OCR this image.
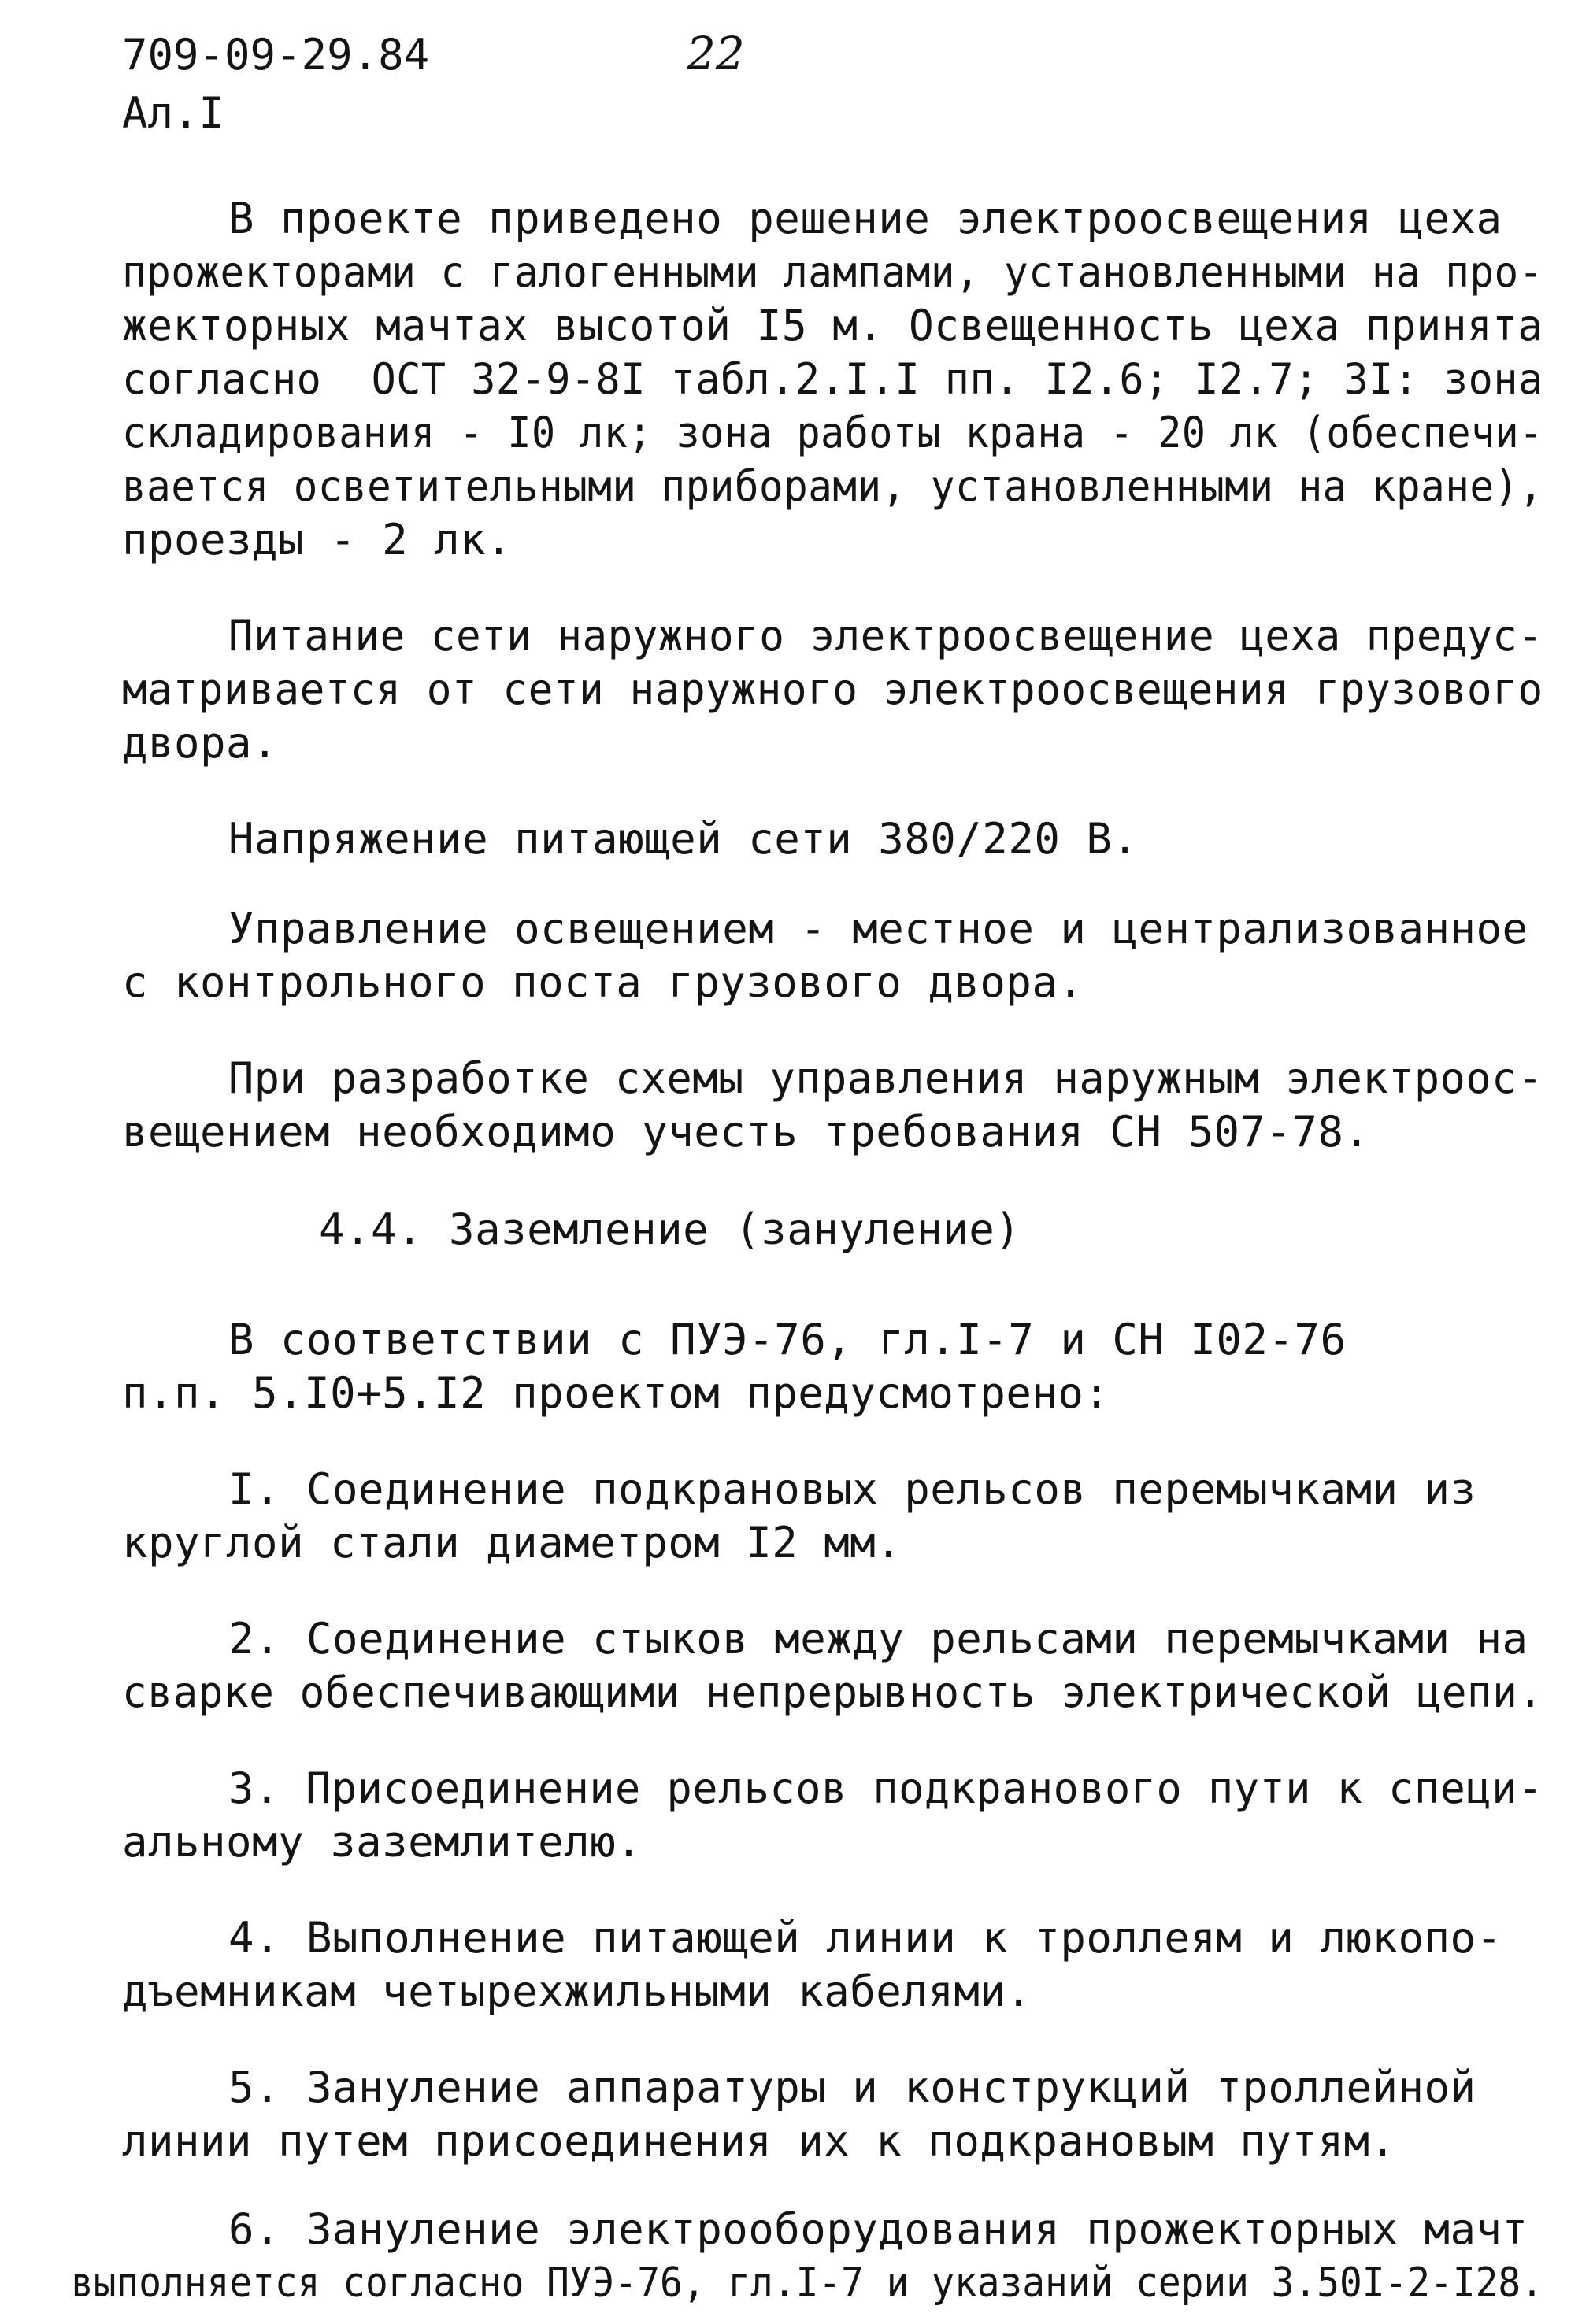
709-09-29.84	22
Ал.I
В проекте приведено решение электроосвещения цеха
прожекторами с галогенными лампами, установленными на про-
жекторных мачтах высотой I5 м. Освещенность цеха принята
согласно  ОСТ 32-9-8I табл.2.I.I пп. I2.6; I2.7; 3I: зона
складирования - I0 лк; зона работы крана - 20 лк (обеспечи-
вается осветительными приборами, установленными на кране),
проезды - 2 лк.
Питание сети наружного электроосвещение цеха предус-
матривается от сети наружного электроосвещения грузового
двора.
Напряжение питающей сети 380/220 В.
Управление освещением - местное и централизованное
с контрольного поста грузового двора.
При разработке схемы управления наружным электроос-
вещением необходимо учесть требования СН 507-78.
4.4. Заземление (зануление)
В соответствии с ПУЭ-76, гл.I-7 и СН I02-76
п.п. 5.I0+5.I2 проектом предусмотрено:
I. Соединение подкрановых рельсов перемычками из
круглой стали диаметром I2 мм.
2. Соединение стыков между рельсами перемычками на
сварке обеспечивающими непрерывность электрической цепи.
3. Присоединение рельсов подкранового пути к специ-
альному заземлителю.
4. Выполнение питающей линии к троллеям и люкопо-
дъемникам четырехжильными кабелями.
5. Зануление аппаратуры и конструкций троллейной
линии путем присоединения их к подкрановым путям.
6. Зануление электрооборудования прожекторных мачт
выполняется согласно ПУЭ-76, гл.I-7 и указаний серии 3.50I-2-I28.
